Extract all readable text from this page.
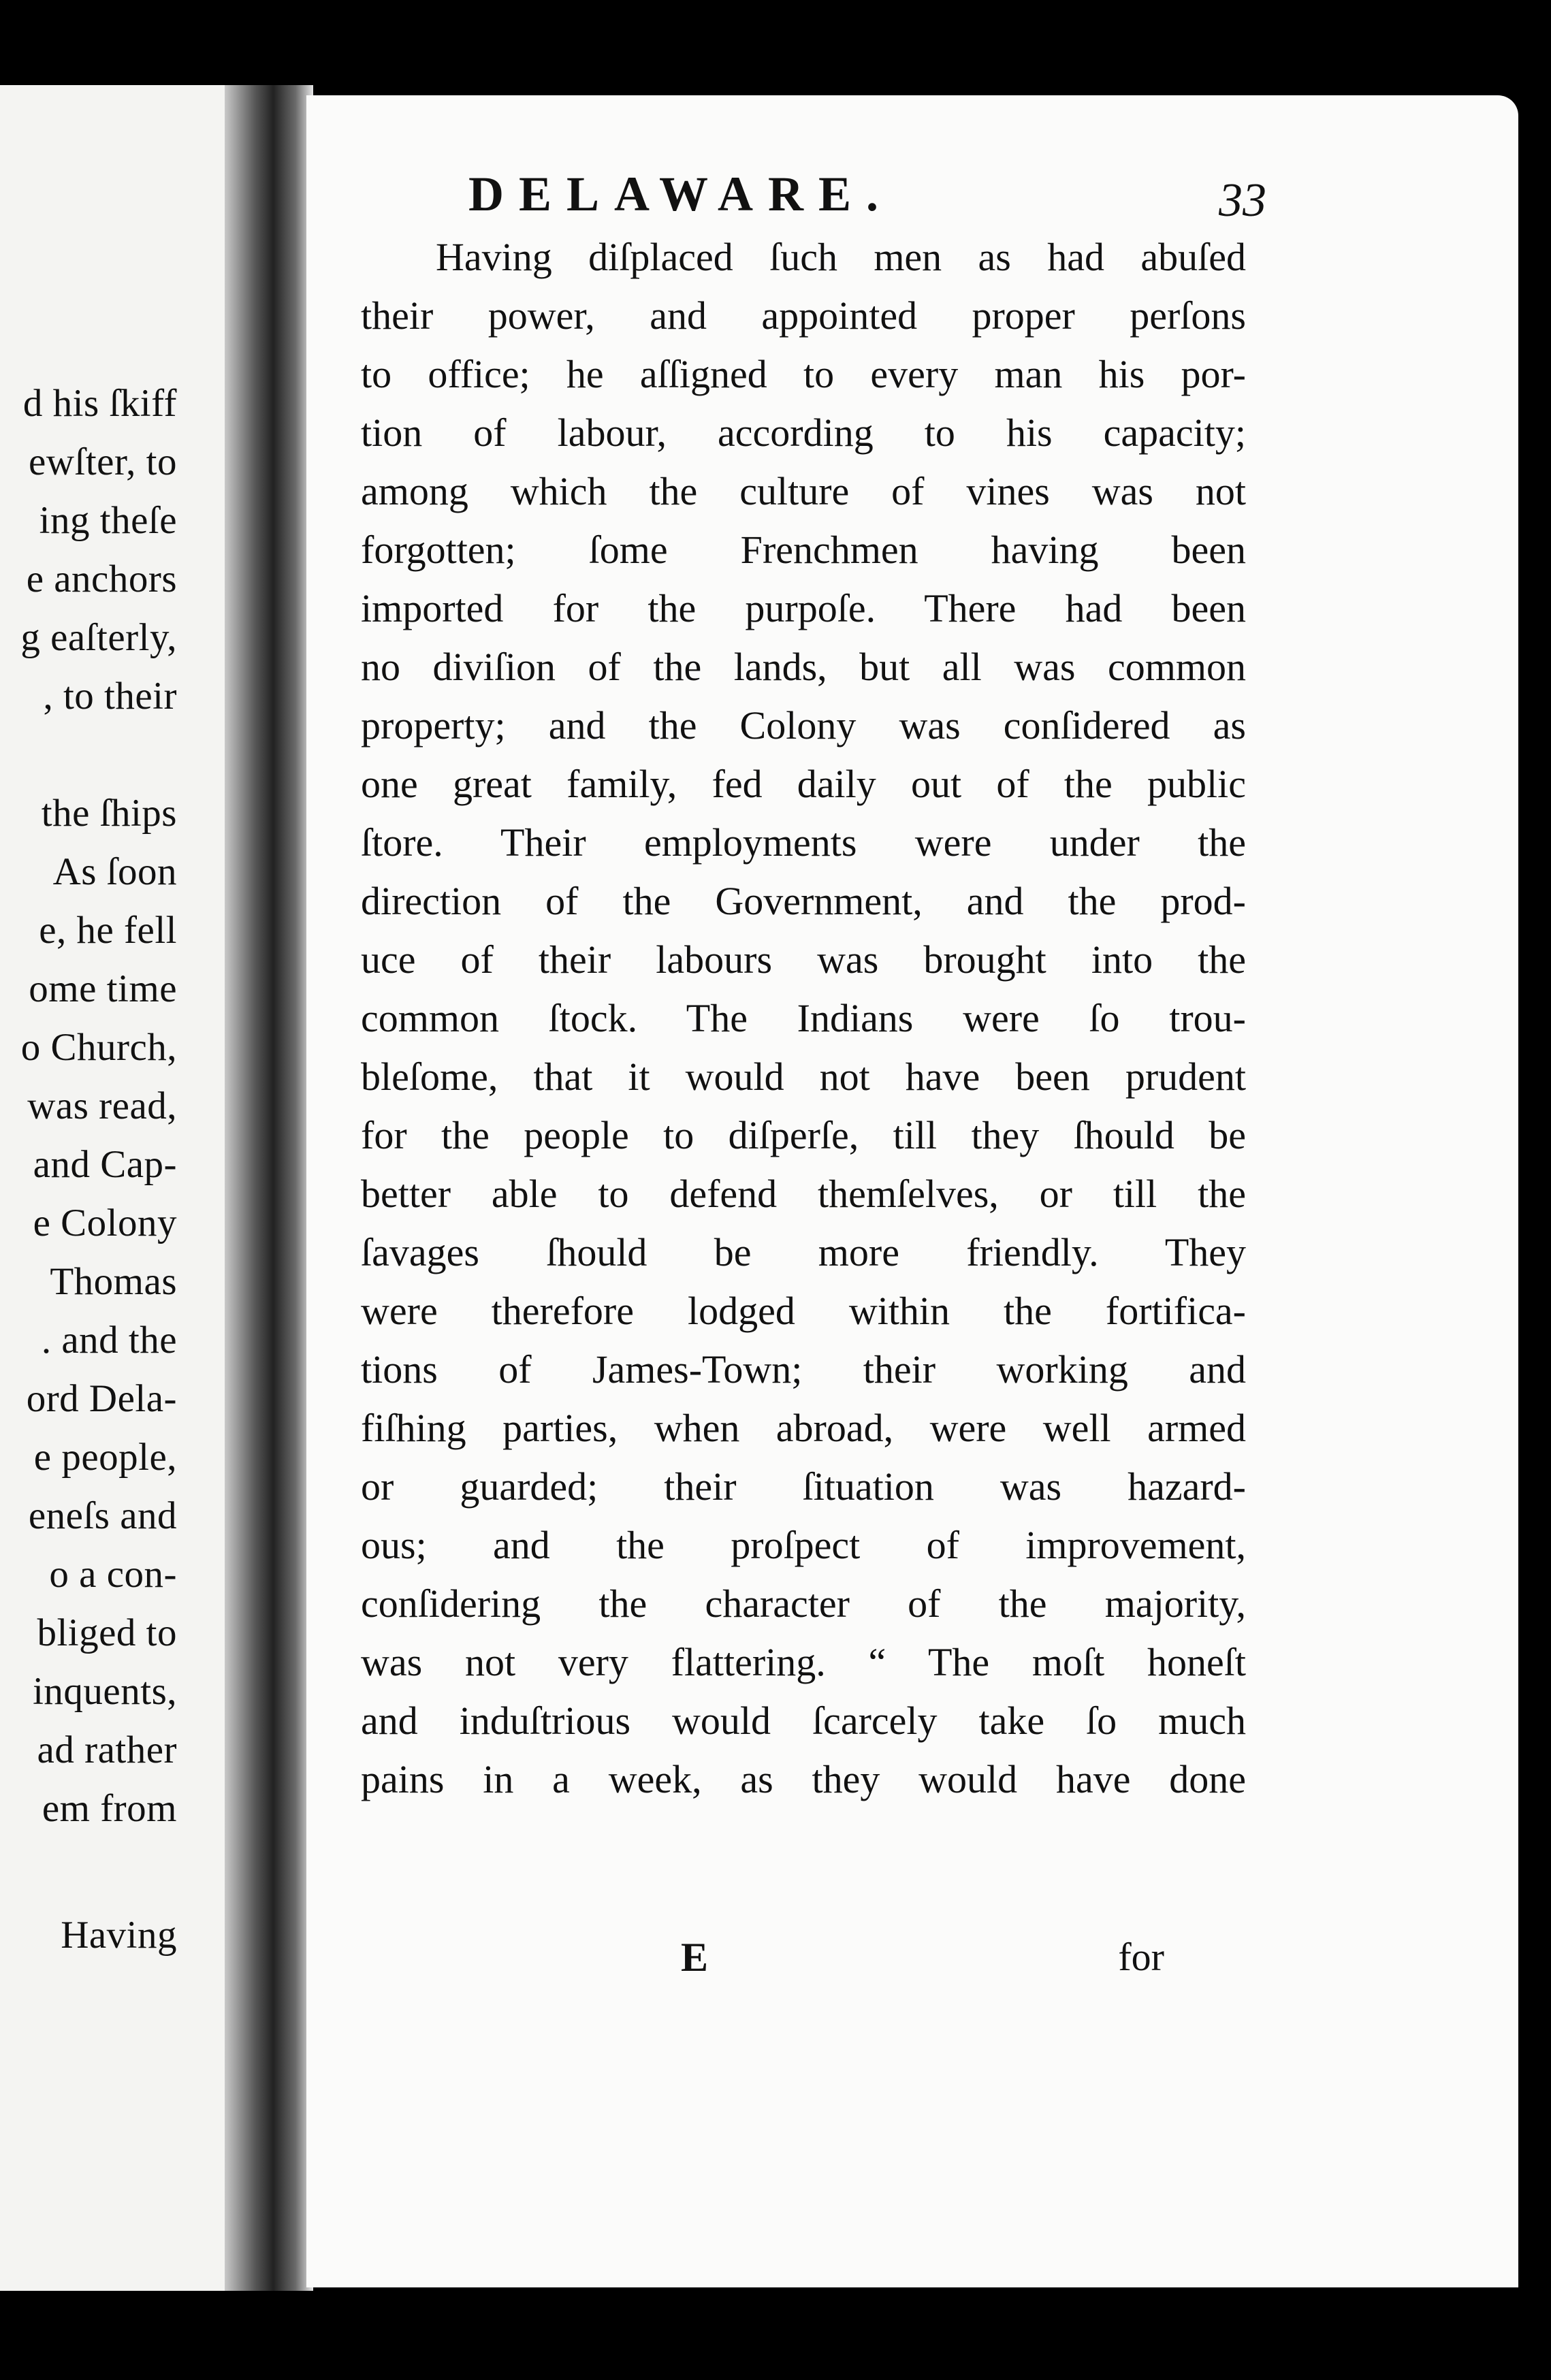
d his ſkiff
ewſter, to
ing theſe
e anchors
g eaſterly,
, to their
the ſhips
As ſoon
e, he fell
ome time
o Church,
was read,
and Cap-
e Colony
Thomas
. and the
ord Dela-
e people,
eneſs and
o a con-
bliged to
inquents,
ad rather
em from
Having
DELAWARE.	33
Having diſplaced ſuch men as had abuſed
their power, and appointed proper perſons
to office; he aſſigned to every man his por-
tion of labour, according to his capacity;
among which the culture of vines was not
forgotten; ſome Frenchmen having been
imported for the purpoſe. There had been
no diviſion of the lands, but all was common
property; and the Colony was conſidered as
one great family, fed daily out of the public
ſtore. Their employments were under the
direction of the Government, and the prod-
uce of their labours was brought into the
common ſtock. The Indians were ſo trou-
bleſome, that it would not have been prudent
for the people to diſperſe, till they ſhould be
better able to defend themſelves, or till the
ſavages ſhould be more friendly. They
were therefore lodged within the fortifica-
tions of James-Town; their working and
fiſhing parties, when abroad, were well armed
or guarded; their ſituation was hazard-
ous; and the proſpect of improvement,
conſidering the character of the majority,
was not very flattering. “ The moſt honeſt
and induſtrious would ſcarcely take ſo much
pains in a week, as they would have done
E	for
